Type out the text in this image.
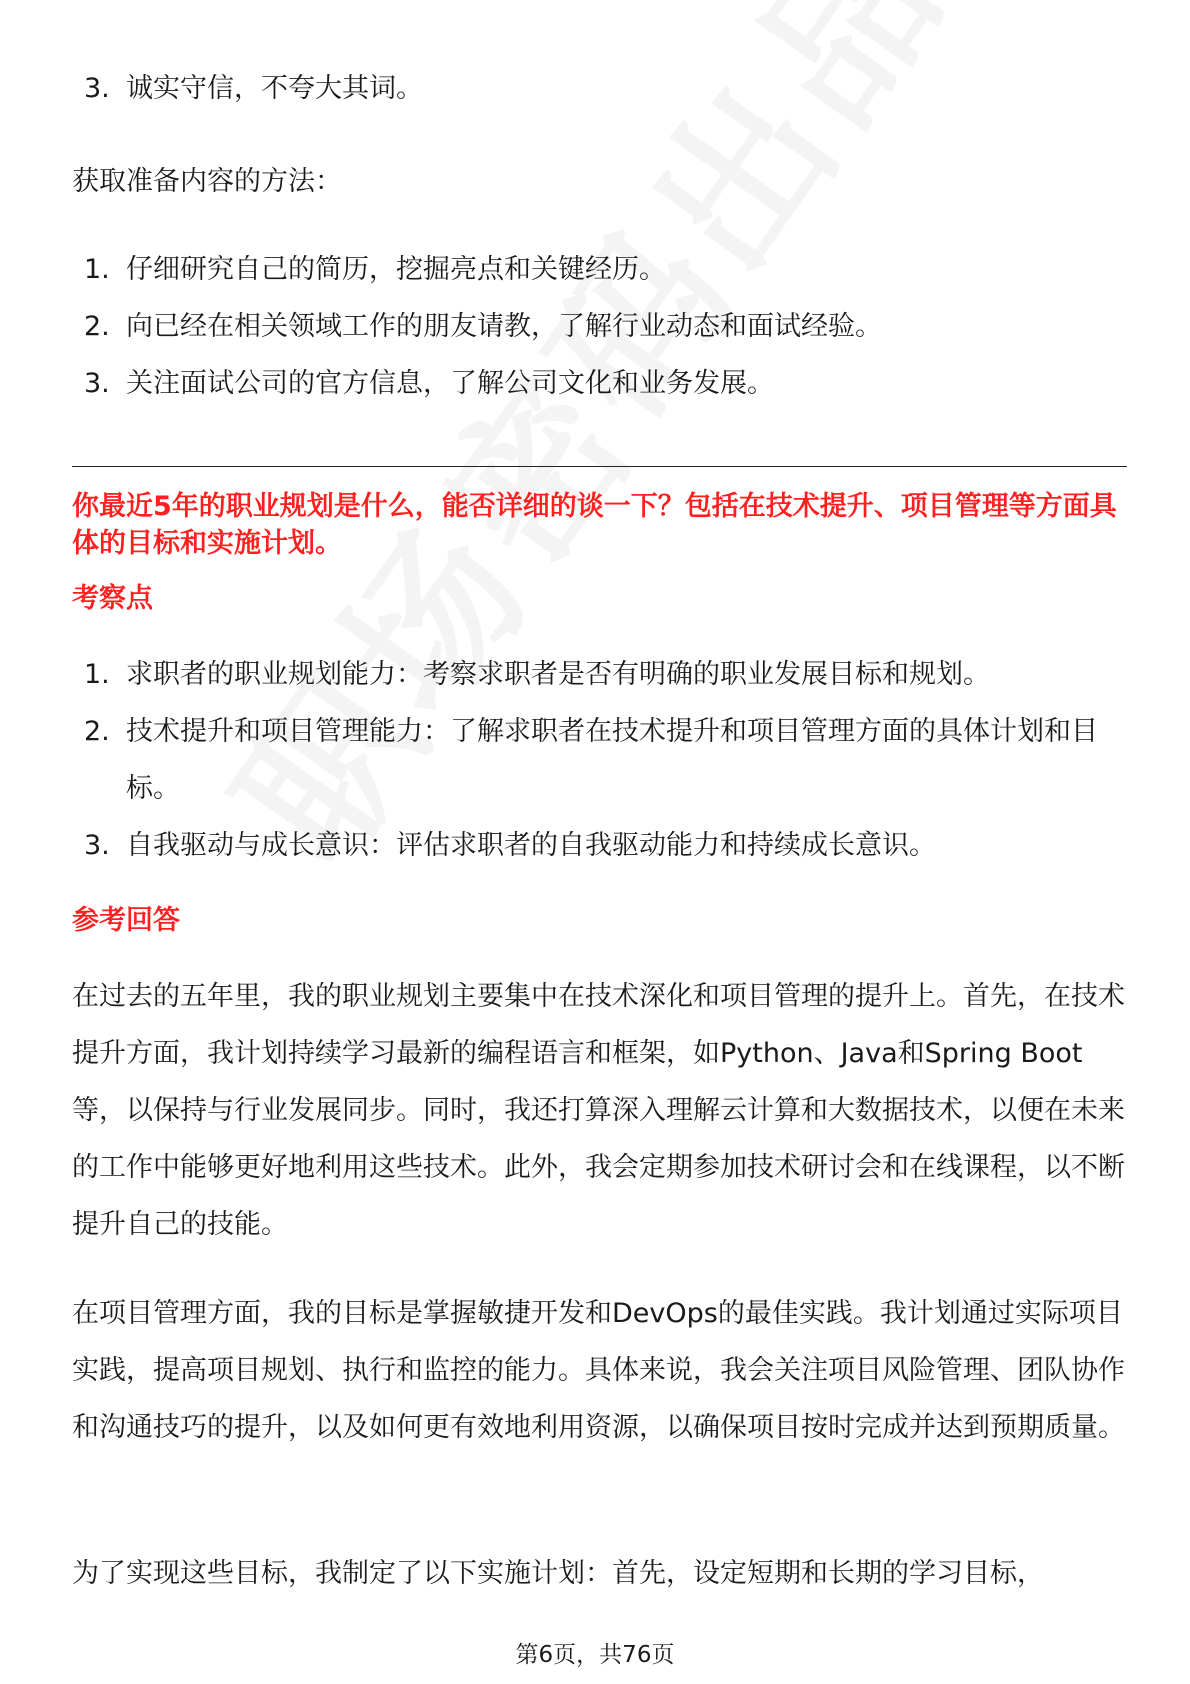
3. 诚实守信，不夸大其词。
获取准备内容的方法：
1. 仔细研究自己的简历，挖掘亮点和关键经历。
2. 向已经在相关领域工作的朋友请教，了解行业动态和面试经验。
3. 关注面试公司的官方信息，了解公司文化和业务发展。
你最近5年的职业规划是什么，能否详细的谈一下？包括在技术提升、项目管理等方面具体的目标和实施计划。
考察点
1. 求职者的职业规划能力：考察求职者是否有明确的职业发展目标和规划。
2. 技术提升和项目管理能力：了解求职者在技术提升和项目管理方面的具体计划和目标。
3. 自我驱动与成长意识：评估求职者的自我驱动能力和持续成长意识。
参考回答
在过去的五年里，我的职业规划主要集中在技术深化和项目管理的提升上。首先，在技术提升方面，我计划持续学习最新的编程语言和框架，如Python、Java和Spring Boot等，以保持与行业发展同步。同时，我还打算深入理解云计算和大数据技术，以便在未来的工作中能够更好地利用这些技术。此外，我会定期参加技术研讨会和在线课程，以不断提升自己的技能。
在项目管理方面，我的目标是掌握敏捷开发和DevOps的最佳实践。我计划通过实际项目实践，提高项目规划、执行和监控的能力。具体来说，我会关注项目风险管理、团队协作和沟通技巧的提升，以及如何更有效地利用资源，以确保项目按时完成并达到预期质量。
为了实现这些目标，我制定了以下实施计划：首先，设定短期和长期的学习目标，
第6页，共76页
